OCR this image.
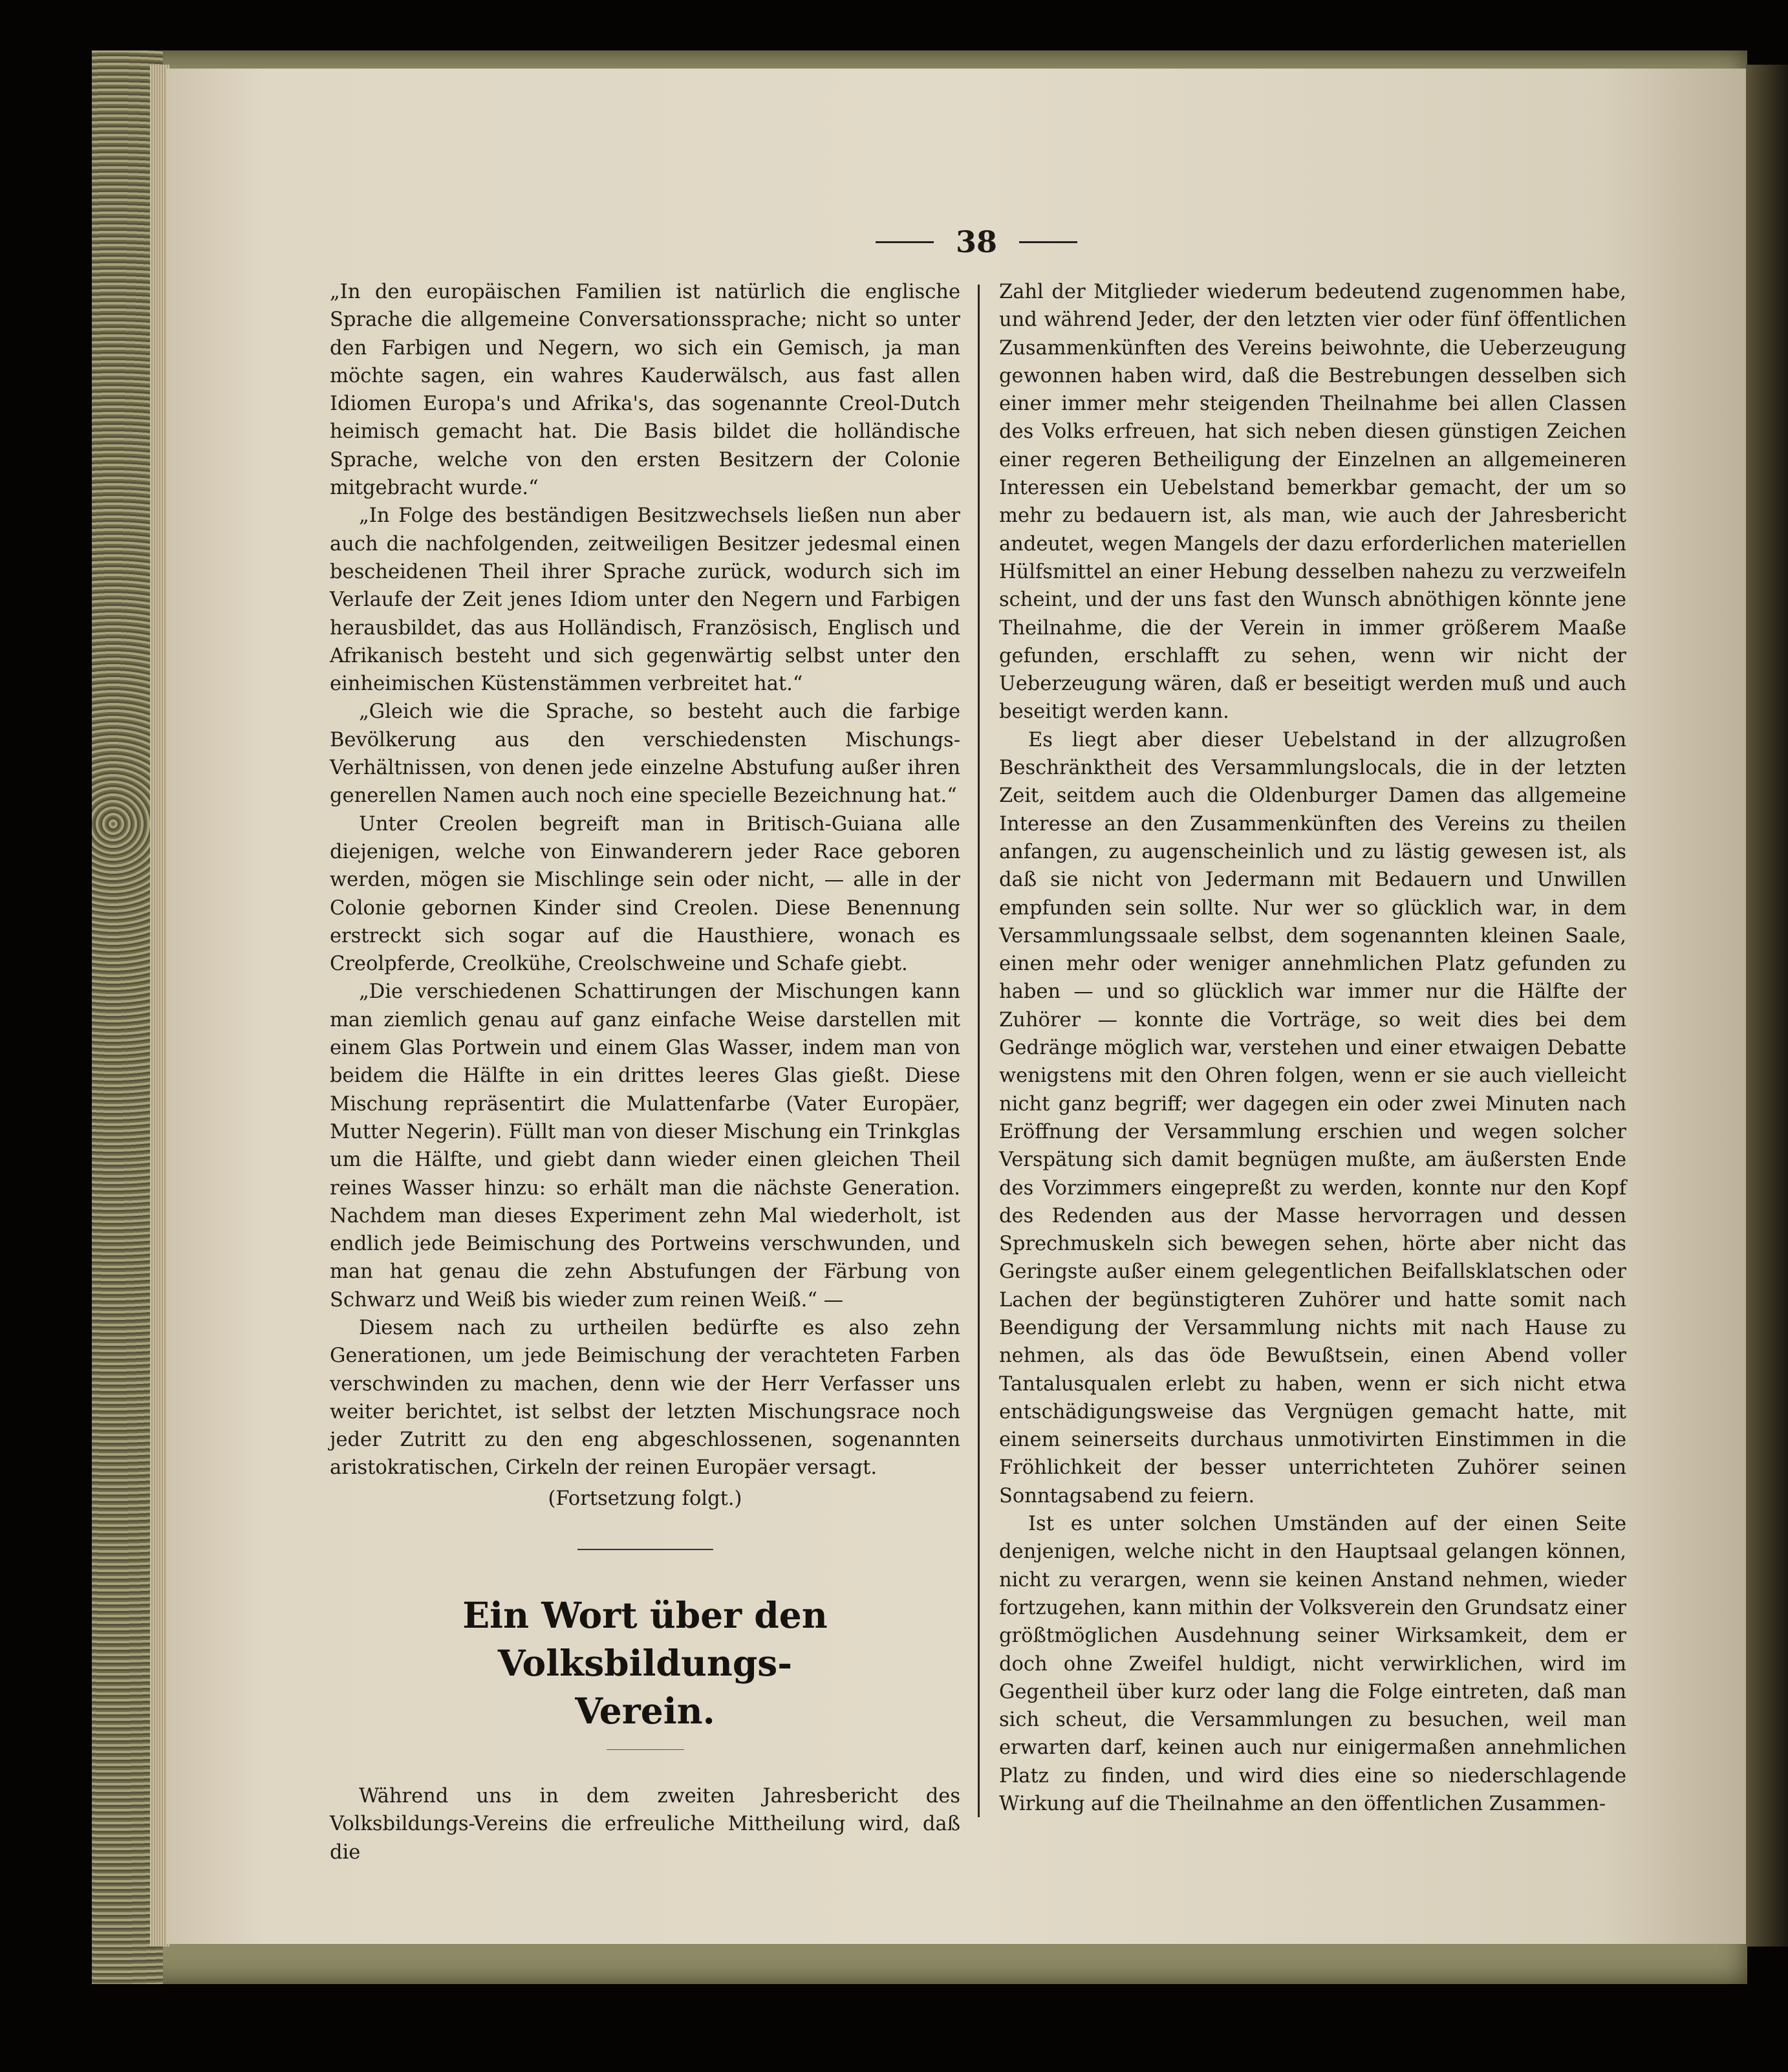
38

„In den europäischen Familien ist natürlich die englische Sprache die allgemeine Conversationssprache; nicht so unter den Farbigen und Negern, wo sich ein Gemisch, ja man möchte sagen, ein wahres Kauderwälsch, aus fast allen Idiomen Europa's und Afrika's, das sogenannte Creol-Dutch heimisch gemacht hat. Die Basis bildet die holländische Sprache, welche von den ersten Besitzern der Colonie mitgebracht wurde.“

„In Folge des beständigen Besitzwechsels ließen nun aber auch die nachfolgenden, zeitweiligen Besitzer jedesmal einen bescheidenen Theil ihrer Sprache zurück, wodurch sich im Verlaufe der Zeit jenes Idiom unter den Negern und Farbigen herausbildet, das aus Holländisch, Französisch, Englisch und Afrikanisch besteht und sich gegenwärtig selbst unter den einheimischen Küstenstämmen verbreitet hat.“

„Gleich wie die Sprache, so besteht auch die farbige Bevölkerung aus den verschiedensten Mischungs-Verhältnissen, von denen jede einzelne Abstufung außer ihren generellen Namen auch noch eine specielle Bezeichnung hat.“

Unter Creolen begreift man in Britisch-Guiana alle diejenigen, welche von Einwanderern jeder Race geboren werden, mögen sie Mischlinge sein oder nicht, — alle in der Colonie gebornen Kinder sind Creolen. Diese Benennung erstreckt sich sogar auf die Hausthiere, wonach es Creolpferde, Creolkühe, Creolschweine und Schafe giebt.

„Die verschiedenen Schattirungen der Mischungen kann man ziemlich genau auf ganz einfache Weise darstellen mit einem Glas Portwein und einem Glas Wasser, indem man von beidem die Hälfte in ein drittes leeres Glas gießt. Diese Mischung repräsentirt die Mulattenfarbe (Vater Europäer, Mutter Negerin). Füllt man von dieser Mischung ein Trinkglas um die Hälfte, und giebt dann wieder einen gleichen Theil reines Wasser hinzu: so erhält man die nächste Generation. Nachdem man dieses Experiment zehn Mal wiederholt, ist endlich jede Beimischung des Portweins verschwunden, und man hat genau die zehn Abstufungen der Färbung von Schwarz und Weiß bis wieder zum reinen Weiß.“ —

Diesem nach zu urtheilen bedürfte es also zehn Generationen, um jede Beimischung der verachteten Farben verschwinden zu machen, denn wie der Herr Verfasser uns weiter berichtet, ist selbst der letzten Mischungsrace noch jeder Zutritt zu den eng abgeschlossenen, sogenannten aristokratischen, Cirkeln der reinen Europäer versagt.

(Fortsetzung folgt.)

Ein Wort über den Volksbildungs-
Verein.

Während uns in dem zweiten Jahresbericht des Volksbildungs-Vereins die erfreuliche Mittheilung wird, daß die

Zahl der Mitglieder wiederum bedeutend zugenommen habe, und während Jeder, der den letzten vier oder fünf öffentlichen Zusammenkünften des Vereins beiwohnte, die Ueberzeugung gewonnen haben wird, daß die Bestrebungen desselben sich einer immer mehr steigenden Theilnahme bei allen Classen des Volks erfreuen, hat sich neben diesen günstigen Zeichen einer regeren Betheiligung der Einzelnen an allgemeineren Interessen ein Uebelstand bemerkbar gemacht, der um so mehr zu bedauern ist, als man, wie auch der Jahresbericht andeutet, wegen Mangels der dazu erforderlichen materiellen Hülfsmittel an einer Hebung desselben nahezu zu verzweifeln scheint, und der uns fast den Wunsch abnöthigen könnte jene Theilnahme, die der Verein in immer größerem Maaße gefunden, erschlafft zu sehen, wenn wir nicht der Ueberzeugung wären, daß er beseitigt werden muß und auch beseitigt werden kann.

Es liegt aber dieser Uebelstand in der allzugroßen Beschränktheit des Versammlungslocals, die in der letzten Zeit, seitdem auch die Oldenburger Damen das allgemeine Interesse an den Zusammenkünften des Vereins zu theilen anfangen, zu augenscheinlich und zu lästig gewesen ist, als daß sie nicht von Jedermann mit Bedauern und Unwillen empfunden sein sollte. Nur wer so glücklich war, in dem Versammlungssaale selbst, dem sogenannten kleinen Saale, einen mehr oder weniger annehmlichen Platz gefunden zu haben — und so glücklich war immer nur die Hälfte der Zuhörer — konnte die Vorträge, so weit dies bei dem Gedränge möglich war, verstehen und einer etwaigen Debatte wenigstens mit den Ohren folgen, wenn er sie auch vielleicht nicht ganz begriff; wer dagegen ein oder zwei Minuten nach Eröffnung der Versammlung erschien und wegen solcher Verspätung sich damit begnügen mußte, am äußersten Ende des Vorzimmers eingepreßt zu werden, konnte nur den Kopf des Redenden aus der Masse hervorragen und dessen Sprechmuskeln sich bewegen sehen, hörte aber nicht das Geringste außer einem gelegentlichen Beifallsklatschen oder Lachen der begünstigteren Zuhörer und hatte somit nach Beendigung der Versammlung nichts mit nach Hause zu nehmen, als das öde Bewußtsein, einen Abend voller Tantalusqualen erlebt zu haben, wenn er sich nicht etwa entschädigungsweise das Vergnügen gemacht hatte, mit einem seinerseits durchaus unmotivirten Einstimmen in die Fröhlichkeit der besser unterrichteten Zuhörer seinen Sonntagsabend zu feiern.

Ist es unter solchen Umständen auf der einen Seite denjenigen, welche nicht in den Hauptsaal gelangen können, nicht zu verargen, wenn sie keinen Anstand nehmen, wieder fortzugehen, kann mithin der Volksverein den Grundsatz einer größtmöglichen Ausdehnung seiner Wirksamkeit, dem er doch ohne Zweifel huldigt, nicht verwirklichen, wird im Gegentheil über kurz oder lang die Folge eintreten, daß man sich scheut, die Versammlungen zu besuchen, weil man erwarten darf, keinen auch nur einigermaßen annehmlichen Platz zu finden, und wird dies eine so niederschlagende Wirkung auf die Theilnahme an den öffentlichen Zusammen-
